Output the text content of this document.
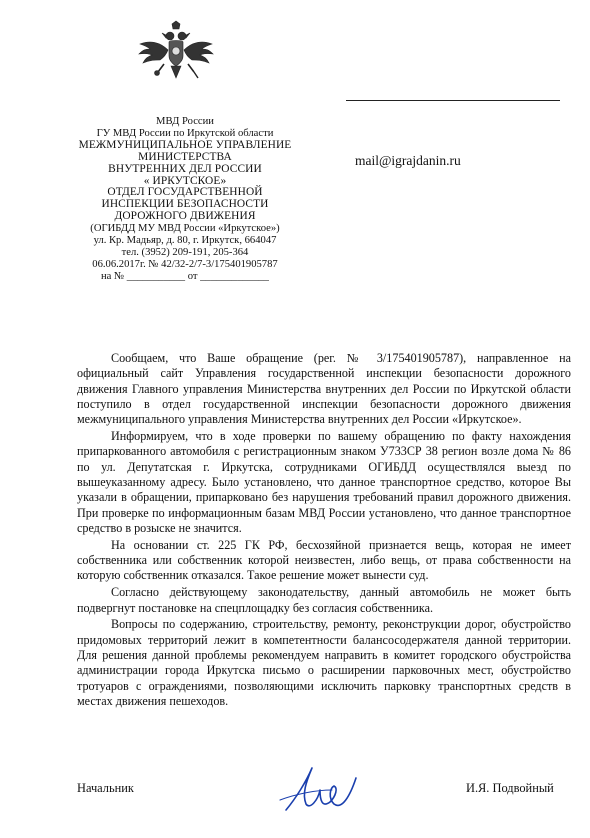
МВД России
ГУ МВД России по Иркутской области
МЕЖМУНИЦИПАЛЬНОЕ УПРАВЛЕНИЕ
МИНИСТЕРСТВА
ВНУТРЕННИХ ДЕЛ РОССИИ
« ИРКУТСКОЕ»
ОТДЕЛ ГОСУДАРСТВЕННОЙ
ИНСПЕКЦИИ БЕЗОПАСНОСТИ
ДОРОЖНОГО ДВИЖЕНИЯ
(ОГИБДД МУ МВД России «Иркутское»)
ул. Кр. Мадьяр, д. 80, г. Иркутск, 664047
тел. (3952) 209-191, 205-364
06.06.2017г. № 42/32-2/7-3/175401905787
на № ___________ от _____________
mail@igrajdanin.ru

Сообщаем, что Ваше обращение (рег. № 3/175401905787), направленное на официальный сайт Управления государственной инспекции безопасности дорожного движения Главного управления Министерства внутренних дел России по Иркутской области поступило в отдел государственной инспекции безопасности дорожного движения межмуниципального управления Министерства внутренних дел России «Иркутское».

Информируем, что в ходе проверки по вашему обращению по факту нахождения припаркованного автомобиля с регистрационным знаком У733СР 38 регион возле дома № 86 по ул. Депутатская г. Иркутска, сотрудниками ОГИБДД осуществлялся выезд по вышеуказанному адресу. Было установлено, что данное транспортное средство, которое Вы указали в обращении, припарковано без нарушения требований правил дорожного движения. При проверке по информационным базам МВД России установлено, что данное транспортное средство в розыске не значится.

На основании ст. 225 ГК РФ, бесхозяйной признается вещь, которая не имеет собственника или собственник которой неизвестен, либо вещь, от права собственности на которую собственник отказался. Такое решение может вынести суд.

Согласно действующему законодательству, данный автомобиль не может быть подвергнут постановке на спецплощадку без согласия собственника.

Вопросы по содержанию, строительству, ремонту, реконструкции дорог, обустройство придомовых территорий лежит в компетентности балансосодержателя данной территории. Для решения данной проблемы рекомендуем направить в комитет городского обустройства администрации города Иркутска письмо о расширении парковочных мест, обустройство тротуаров с ограждениями, позволяющими исключить парковку транспортных средств в местах движения пешеходов.

Начальник	И.Я. Подвойный
